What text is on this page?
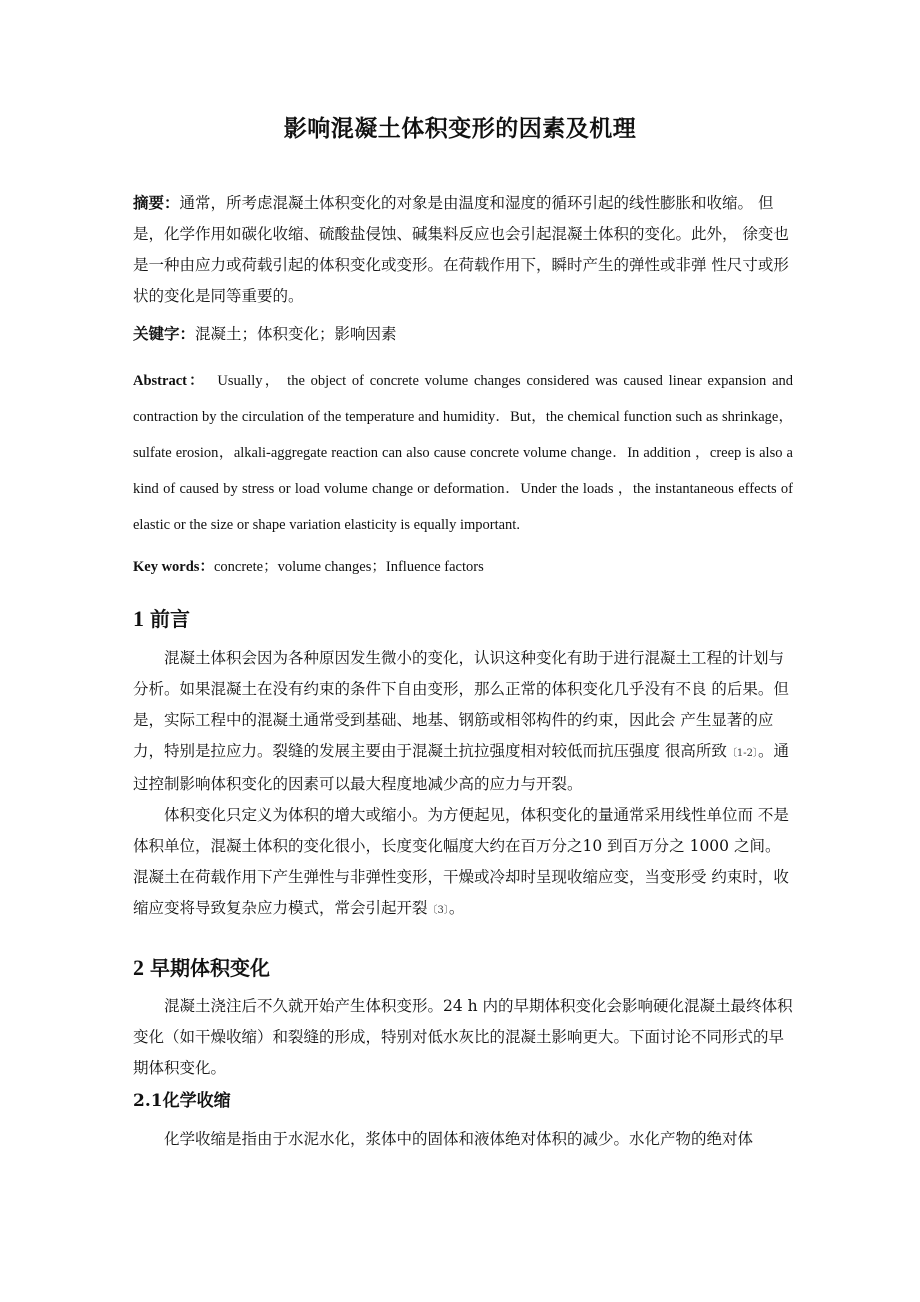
影响混凝土体积变形的因素及机理
摘要：通常，所考虑混凝土体积变化的对象是由温度和湿度的循环引起的线性膨胀和收缩。 但是，化学作用如碳化收缩、硫酸盐侵蚀、碱集料反应也会引起混凝土体积的变化。此外， 徐变也是一种由应力或荷载引起的体积变化或变形。在荷载作用下，瞬时产生的弹性或非弹 性尺寸或形状的变化是同等重要的。
关键字：混凝土；体积变化；影响因素
Abstract： Usually， the object of concrete volume changes considered was caused linear expansion and contraction by the circulation of the temperature and humidity．But，the chemical function such as shrinkage，sulfate erosion，alkali-aggregate reaction can also cause concrete volume change．In addition ，creep is also a kind of caused by stress or load volume change or deformation．Under the loads ，the instantaneous effects of elastic or the size or shape variation elasticity is equally important.
Key words：concrete；volume changes；Influence factors
1 前言

混凝土体积会因为各种原因发生微小的变化，认识这种变化有助于进行混凝土工程的计划与分析。如果混凝土在没有约束的条件下自由变形，那么正常的体积变化几乎没有不良 的后果。但是，实际工程中的混凝土通常受到基础、地基、钢筋或相邻构件的约束，因此会 产生显著的应力，特别是拉应力。裂缝的发展主要由于混凝土抗拉强度相对较低而抗压强度 很高所致〔1-2〕。通过控制影响体积变化的因素可以最大程度地减少高的应力与开裂。

体积变化只定义为体积的增大或缩小。为方便起见，体积变化的量通常采用线性单位而 不是体积单位，混凝土体积的变化很小，长度变化幅度大约在百万分之10 到百万分之 1000 之间。混凝土在荷载作用下产生弹性与非弹性变形，干燥或冷却时呈现收缩应变，当变形受 约束时，收缩应变将导致复杂应力模式，常会引起开裂〔3〕。

2 早期体积变化

混凝土浇注后不久就开始产生体积变形。24 h 内的早期体积变化会影响硬化混凝土最终体积变化（如干燥收缩）和裂缝的形成，特别对低水灰比的混凝土影响更大。下面讨论不同形式的早期体积变化。

2.1化学收缩

化学收缩是指由于水泥水化，浆体中的固体和液体绝对体积的减少。水化产物的绝对体
